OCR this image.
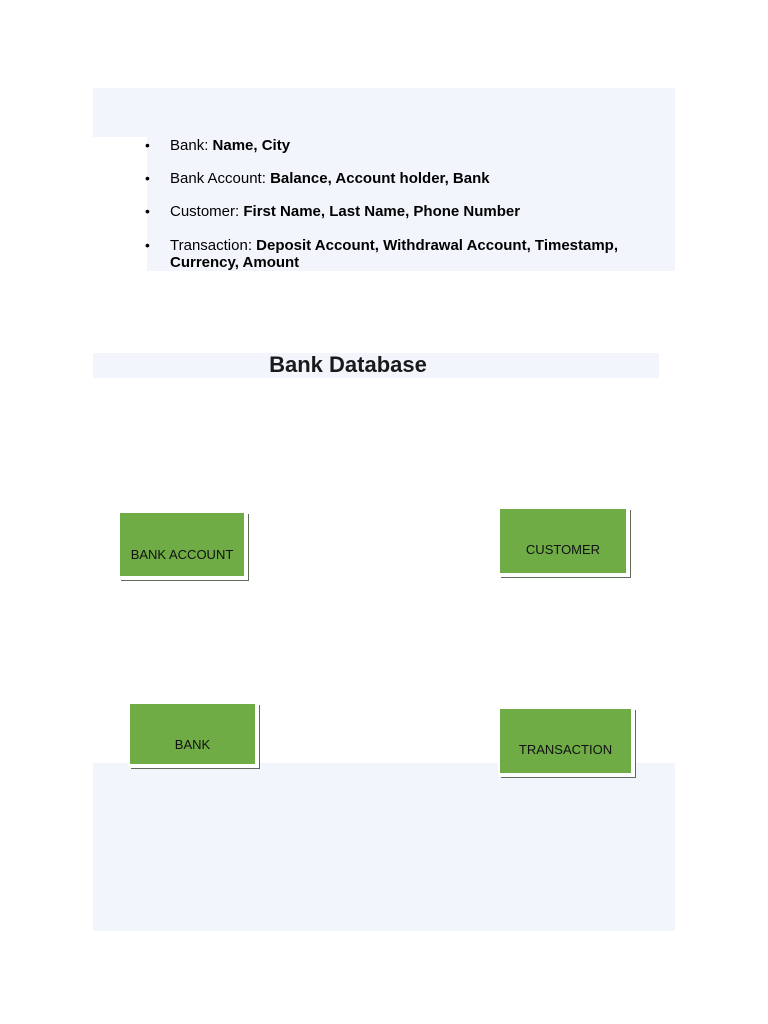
•	Bank: Name, City
•	Bank Account: Balance, Account holder, Bank
•	Customer: First Name, Last Name, Phone Number
•	Transaction: Deposit Account, Withdrawal Account, Timestamp, Currency, Amount
Bank Database
BANK ACCOUNT	CUSTOMER
BANK	TRANSACTION
